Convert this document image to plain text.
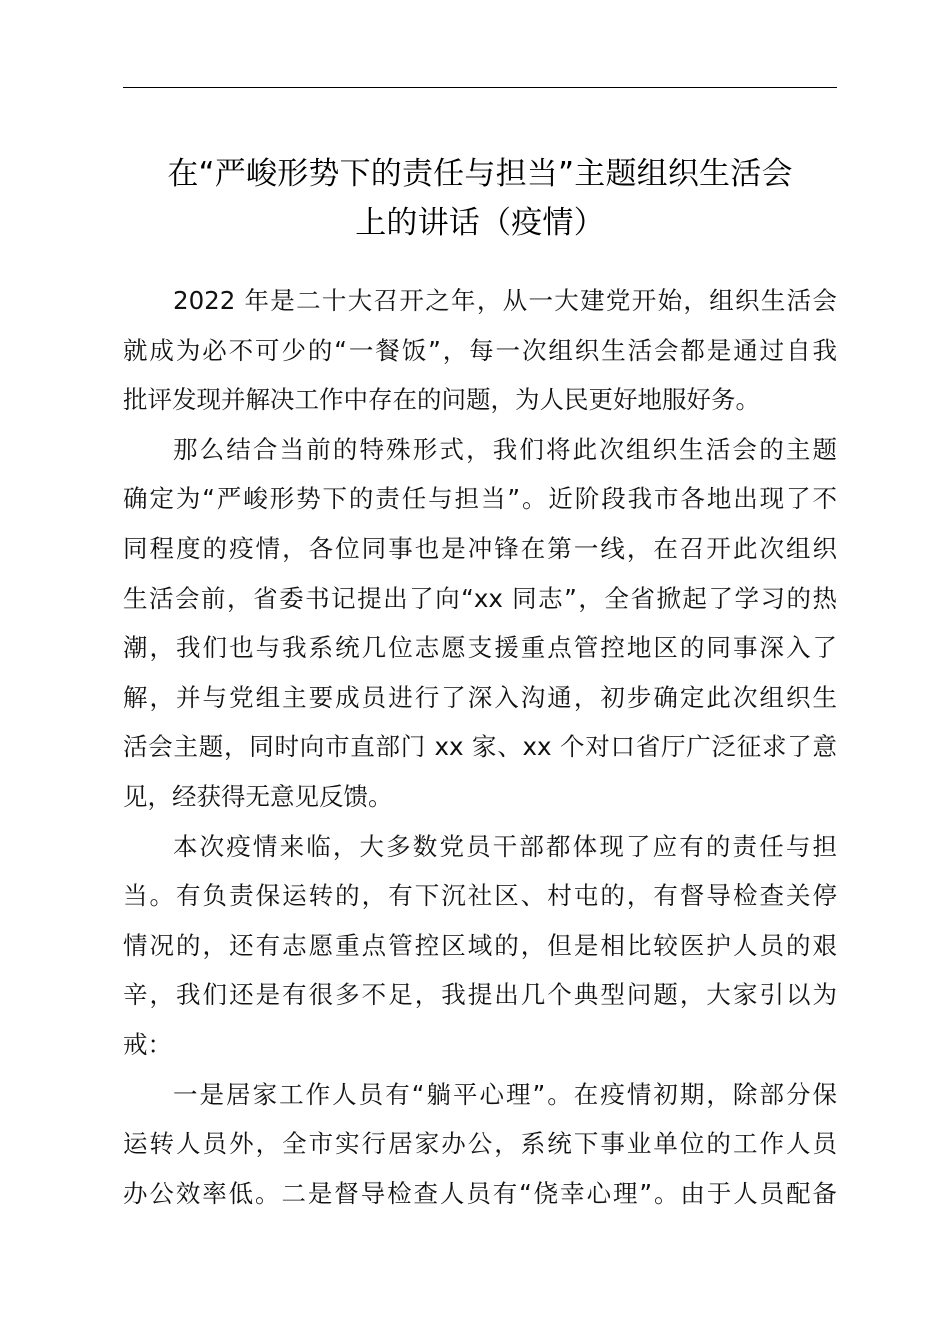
在“严峻形势下的责任与担当”主题组织生活会
上的讲话（疫情）

2022 年是二十大召开之年，从一大建党开始，组织生活会
就成为必不可少的“一餐饭”，每一次组织生活会都是通过自我
批评发现并解决工作中存在的问题，为人民更好地服好务。

那么结合当前的特殊形式，我们将此次组织生活会的主题
确定为“严峻形势下的责任与担当”。近阶段我市各地出现了不
同程度的疫情，各位同事也是冲锋在第一线，在召开此次组织
生活会前，省委书记提出了向“xx 同志”，全省掀起了学习的热
潮，我们也与我系统几位志愿支援重点管控地区的同事深入了
解，并与党组主要成员进行了深入沟通，初步确定此次组织生
活会主题，同时向市直部门 xx 家、xx 个对口省厅广泛征求了意
见，经获得无意见反馈。

本次疫情来临，大多数党员干部都体现了应有的责任与担
当。有负责保运转的，有下沉社区、村屯的，有督导检查关停
情况的，还有志愿重点管控区域的，但是相比较医护人员的艰
辛，我们还是有很多不足，我提出几个典型问题，大家引以为
戒：

一是居家工作人员有“躺平心理”。在疫情初期，除部分保
运转人员外，全市实行居家办公，系统下事业单位的工作人员
办公效率低。二是督导检查人员有“侥幸心理”。由于人员配备
